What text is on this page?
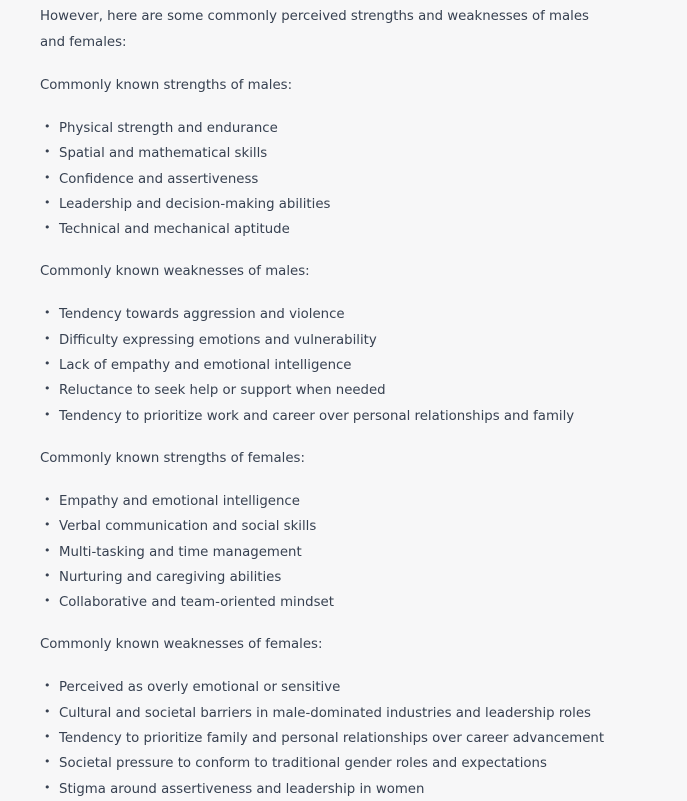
However, here are some commonly perceived strengths and weaknesses of males and females:

Commonly known strengths of males:

• Physical strength and endurance
• Spatial and mathematical skills
• Confidence and assertiveness
• Leadership and decision-making abilities
• Technical and mechanical aptitude

Commonly known weaknesses of males:

• Tendency towards aggression and violence
• Difficulty expressing emotions and vulnerability
• Lack of empathy and emotional intelligence
• Reluctance to seek help or support when needed
• Tendency to prioritize work and career over personal relationships and family

Commonly known strengths of females:

• Empathy and emotional intelligence
• Verbal communication and social skills
• Multi-tasking and time management
• Nurturing and caregiving abilities
• Collaborative and team-oriented mindset

Commonly known weaknesses of females:

• Perceived as overly emotional or sensitive
• Cultural and societal barriers in male-dominated industries and leadership roles
• Tendency to prioritize family and personal relationships over career advancement
• Societal pressure to conform to traditional gender roles and expectations
• Stigma around assertiveness and leadership in women
